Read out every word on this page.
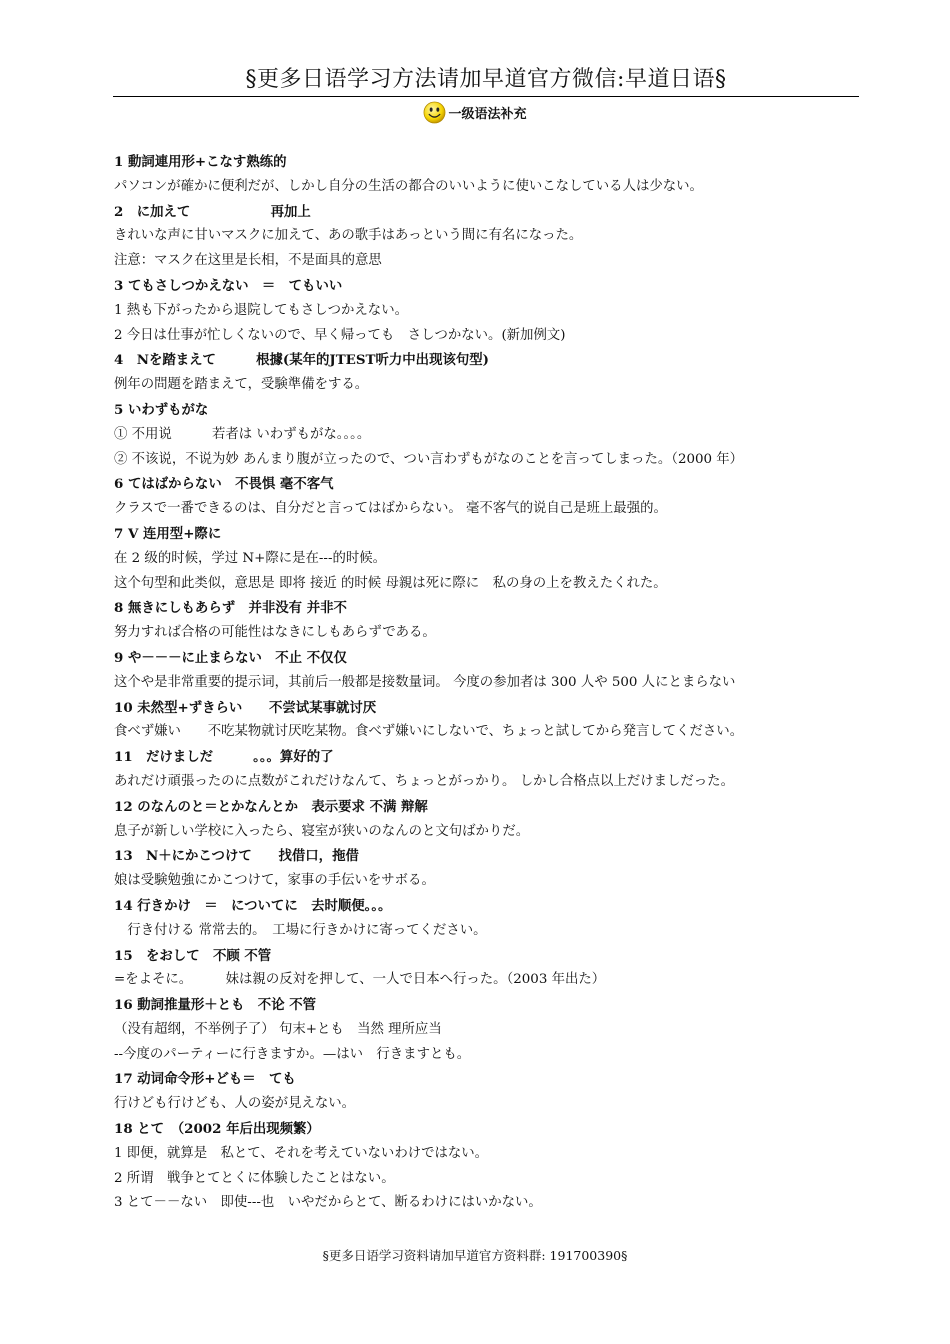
§更多日语学习方法请加早道官方微信:早道日语§
一级语法补充
1 動詞連用形+こなす熟练的
パソコンが確かに便利だが、しかし自分の生活の都合のいいように使いこなしている人は少ない。
2　に加えて　　　　　　再加上
きれいな声に甘いマスクに加えて、あの歌手はあっという間に有名になった。
注意：マスク在这里是长相，不是面具的意思
3 てもさしつかえない　＝　てもいい
1 熱も下がったから退院してもさしつかえない。
2 今日は仕事が忙しくないので、早く帰っても　さしつかない。(新加例文)
4　Nを踏まえて　　　根據(某年的JTEST听力中出现该句型)
例年の問題を踏まえて，受験準備をする。
5 いわずもがな
① 不用说　　　若者は いわずもがな。。。。
② 不该说，不说为妙 あんまり腹が立ったので、つい言わずもがなのことを言ってしまった。（2000 年）
6 てはばからない　不畏惧 毫不客气
クラスで一番できるのは、自分だと言ってはばからない。 毫不客气的说自己是班上最强的。
7 V 连用型+際に
在 2 级的时候，学过 N+際に是在---的时候。
这个句型和此类似，意思是 即将 接近 的时候 母親は死に際に　私の身の上を教えたくれた。
8 無きにしもあらず　并非没有 并非不
努力すれば合格の可能性はなきにしもあらずである。
9 や－－－に止まらない　不止 不仅仅
这个や是非常重要的提示词，其前后一般都是接数量词。 今度の参加者は 300 人や 500 人にとまらない
10 未然型+ずきらい　　不尝试某事就讨厌
食べず嫌い　　不吃某物就讨厌吃某物。食べず嫌いにしないで、ちょっと試してから発言してください。
11　だけましだ　　　。。。算好的了
あれだけ頑張ったのに点数がこれだけなんて、ちょっとがっかり。 しかし合格点以上だけましだった。
12 のなんのと＝とかなんとか　表示要求 不满 辩解
息子が新しい学校に入ったら、寝室が狭いのなんのと文句ばかりだ。
13　N＋にかこつけて　　找借口，拖借
娘は受験勉強にかこつけて，家事の手伝いをサボる。
14 行きかけ　＝　についてに　去时顺便。。。
　行き付ける 常常去的。　工場に行きかけに寄ってください。
15　をおして　不顾 不管
=をよそに。　　　妹は親の反対を押して、一人で日本へ行った。（2003 年出た）
16 動詞推量形＋とも　不论 不管
（没有超纲，不举例子了） 句末+とも　当然 理所应当
--今度のパーティーに行きますか。—はい　行きますとも。
17 动词命令形+ども＝　ても
行けども行けども、人の姿が見えない。
18 とて　（2002 年后出现频繁）
1 即便，就算是　私とて、それを考えていないわけではない。
2 所谓　戦争とてとくに体験したことはない。
3 とて－－ない　即使---也　いやだからとて、断るわけにはいかない。
§更多日语学习资料请加早道官方资料群: 191700390§
